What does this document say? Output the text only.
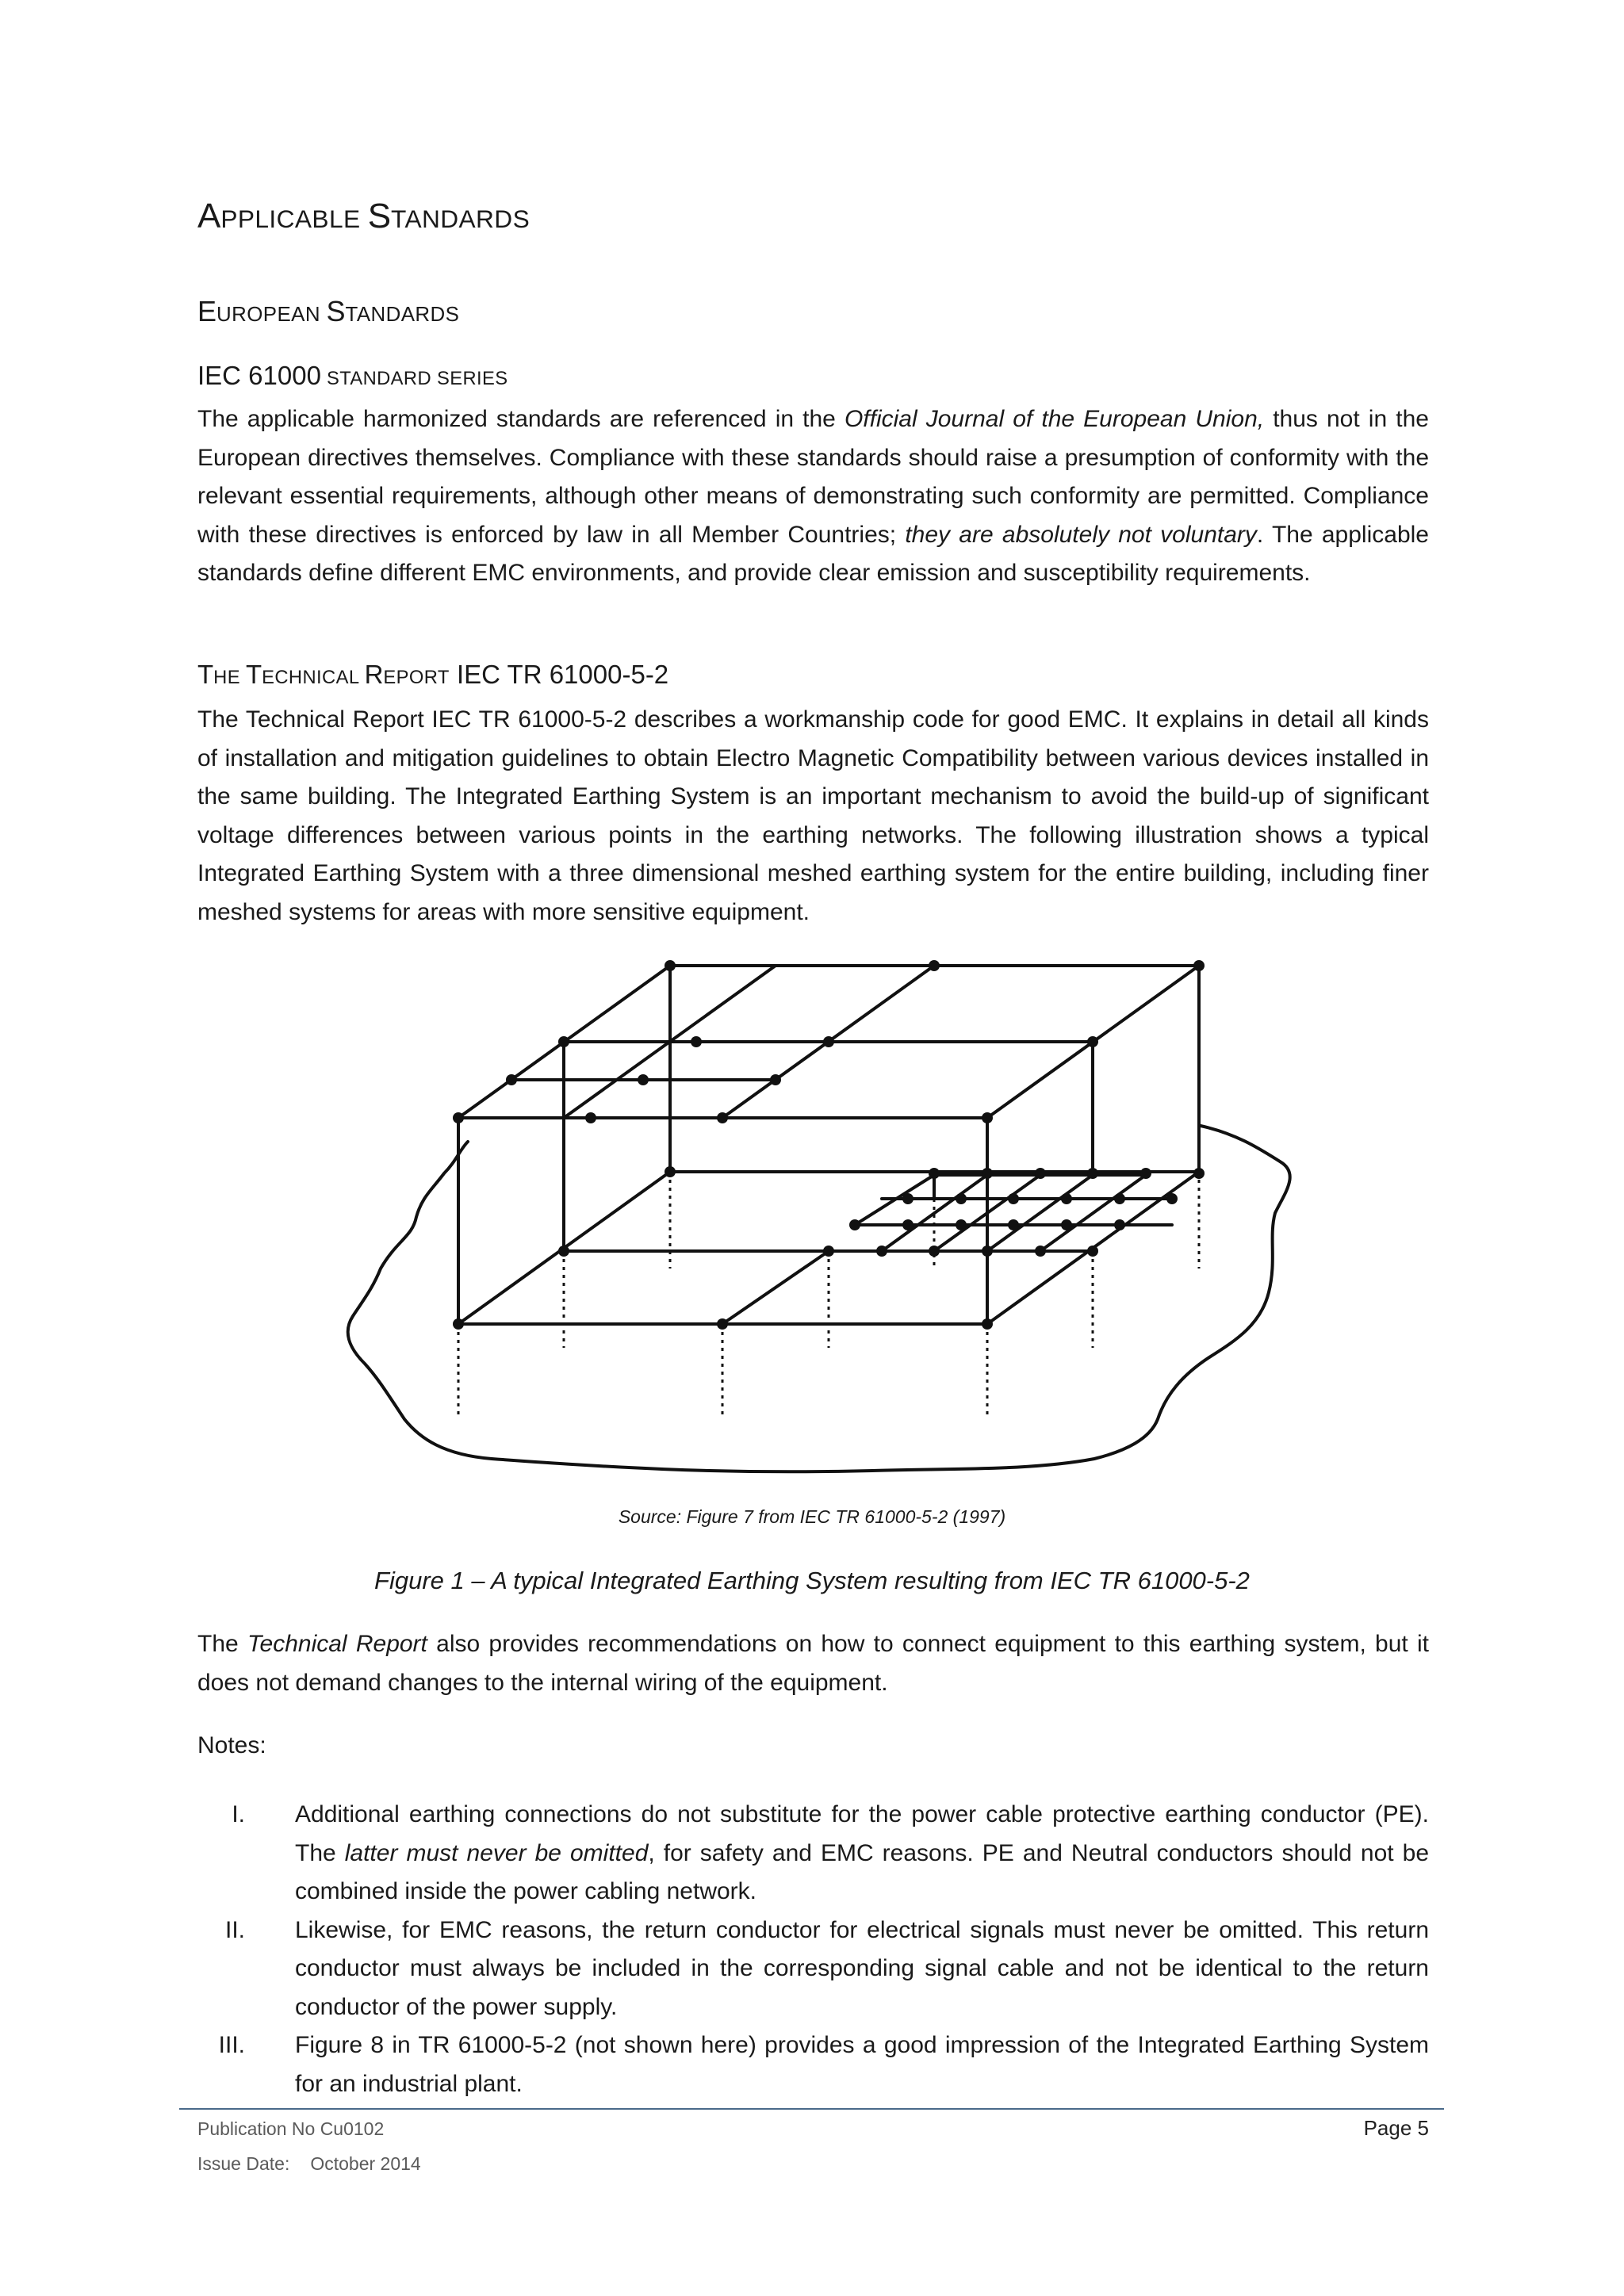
APPLICABLE STANDARDS
EUROPEAN STANDARDS
IEC 61000 STANDARD SERIES

The applicable harmonized standards are referenced in the Official Journal of the European Union, thus not in the European directives themselves. Compliance with these standards should raise a presumption of conformity with the relevant essential requirements, although other means of demonstrating such conformity are permitted. Compliance with these directives is enforced by law in all Member Countries; they are absolutely not voluntary. The applicable standards define different EMC environments, and provide clear emission and susceptibility requirements.

THE TECHNICAL REPORT IEC TR 61000-5-2

The Technical Report IEC TR 61000-5-2 describes a workmanship code for good EMC. It explains in detail all kinds of installation and mitigation guidelines to obtain Electro Magnetic Compatibility between various devices installed in the same building. The Integrated Earthing System is an important mechanism to avoid the build-up of significant voltage differences between various points in the earthing networks. The following illustration shows a typical Integrated Earthing System with a three dimensional meshed earthing system for the entire building, including finer meshed systems for areas with more sensitive equipment.

Source: Figure 7 from IEC TR 61000-5-2 (1997)
Figure 1 – A typical Integrated Earthing System resulting from IEC TR 61000-5-2

The Technical Report also provides recommendations on how to connect equipment to this earthing system, but it does not demand changes to the internal wiring of the equipment.

Notes:
I. Additional earthing connections do not substitute for the power cable protective earthing conductor (PE). The latter must never be omitted, for safety and EMC reasons. PE and Neutral conductors should not be combined inside the power cabling network.
II. Likewise, for EMC reasons, the return conductor for electrical signals must never be omitted. This return conductor must always be included in the corresponding signal cable and not be identical to the return conductor of the power supply.
III. Figure 8 in TR 61000-5-2 (not shown here) provides a good impression of the Integrated Earthing System for an industrial plant.
Publication No Cu0102
Issue Date: October 2014
Page 5
